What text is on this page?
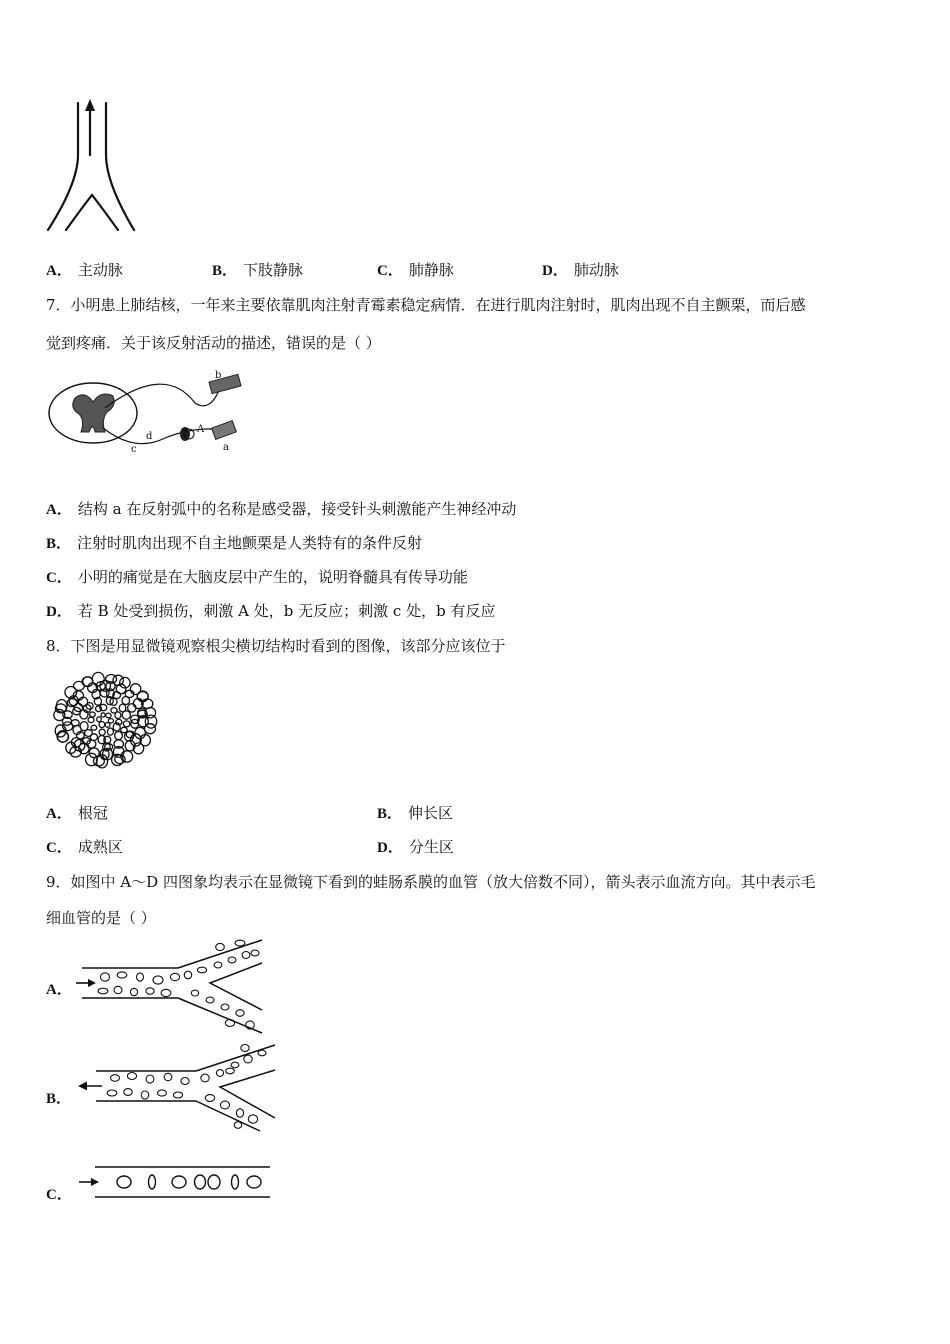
A． 主动脉	B． 下肢静脉	C． 肺静脉	D． 肺动脉
7．小明患上肺结核，一年来主要依靠肌肉注射青霉素稳定病情．在进行肌肉注射时，肌肉出现不自主颤栗，而后感
觉到疼痛．关于该反射活动的描述，错误的是（ ）
b
a
c
d
A
B
A． 结构 a 在反射弧中的名称是感受器，接受针头刺激能产生神经冲动
B． 注射时肌肉出现不自主地颤栗是人类特有的条件反射
C． 小明的痛觉是在大脑皮层中产生的，说明脊髓具有传导功能
D． 若 B 处受到损伤，刺激 A 处，b 无反应；刺激 c 处，b 有反应
8．下图是用显微镜观察根尖横切结构时看到的图像，该部分应该位于
A． 根冠	B． 伸长区
C． 成熟区	D． 分生区
9．如图中 A～D 四图象均表示在显微镜下看到的蛙肠系膜的血管（放大倍数不同），箭头表示血流方向。其中表示毛
细血管的是（ ）
A．
B．
C．
